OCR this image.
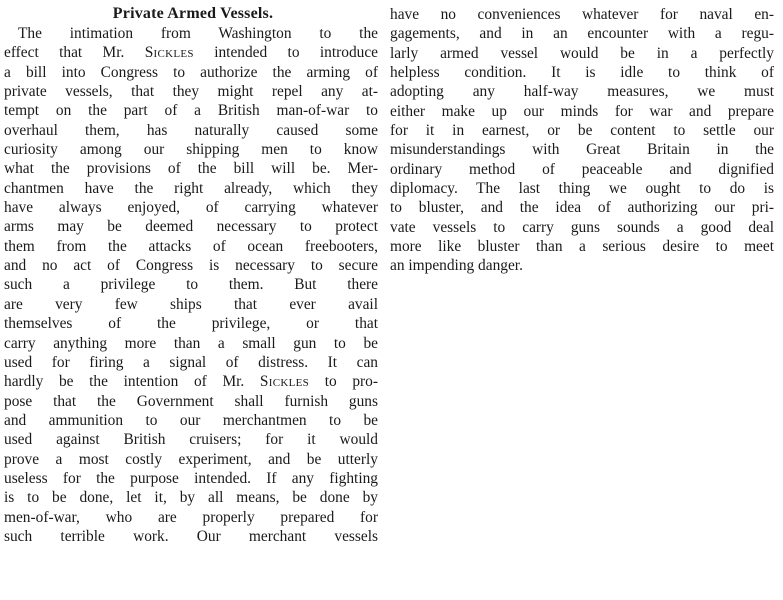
Private Armed Vessels.
The intimation from Washington to the
effect that Mr. Sickles intended to introduce
a bill into Congress to authorize the arming of
private vessels, that they might repel any at-
tempt on the part of a British man-of-war to
overhaul them, has naturally caused some
curiosity among our shipping men to know
what the provisions of the bill will be. Mer-
chantmen have the right already, which they
have always enjoyed, of carrying whatever
arms may be deemed necessary to protect
them from the attacks of ocean freebooters,
and no act of Congress is necessary to secure
such a privilege to them. But there
are very few ships that ever avail
themselves of the privilege, or that
carry anything more than a small gun to be
used for firing a signal of distress. It can
hardly be the intention of Mr. Sickles to pro-
pose that the Government shall furnish guns
and ammunition to our merchantmen to be
used against British cruisers; for it would
prove a most costly experiment, and be utterly
useless for the purpose intended. If any fighting
is to be done, let it, by all means, be done by
men-of-war, who are properly prepared for
such terrible work. Our merchant vessels
have no conveniences whatever for naval en-
gagements, and in an encounter with a regu-
larly armed vessel would be in a perfectly
helpless condition. It is idle to think of
adopting any half-way measures, we must
either make up our minds for war and prepare
for it in earnest, or be content to settle our
misunderstandings with Great Britain in the
ordinary method of peaceable and dignified
diplomacy. The last thing we ought to do is
to bluster, and the idea of authorizing our pri-
vate vessels to carry guns sounds a good deal
more like bluster than a serious desire to meet
an impending danger.
